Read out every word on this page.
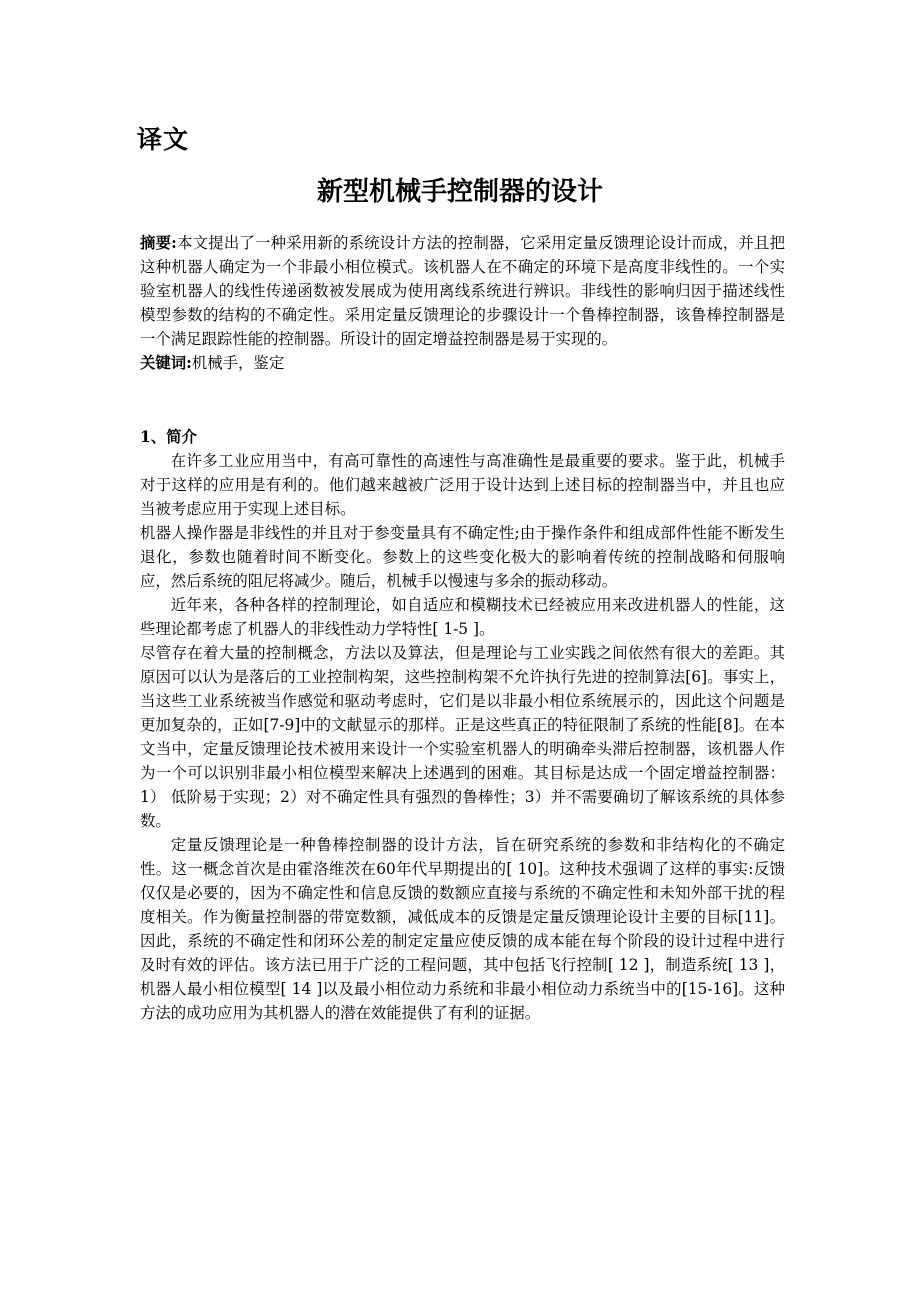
译文
新型机械手控制器的设计

摘要:本文提出了一种采用新的系统设计方法的控制器，它采用定量反馈理论设计而成，并且把这种机器人确定为一个非最小相位模式。该机器人在不确定的环境下是高度非线性的。一个实验室机器人的线性传递函数被发展成为使用离线系统进行辨识。非线性的影响归因于描述线性模型参数的结构的不确定性。采用定量反馈理论的步骤设计一个鲁棒控制器，该鲁棒控制器是一个满足跟踪性能的控制器。所设计的固定增益控制器是易于实现的。

关键词:机械手，鉴定

1、简介

在许多工业应用当中，有高可靠性的高速性与高准确性是最重要的要求。鉴于此，机械手对于这样的应用是有利的。他们越来越被广泛用于设计达到上述目标的控制器当中，并且也应当被考虑应用于实现上述目标。

机器人操作器是非线性的并且对于参变量具有不确定性;由于操作条件和组成部件性能不断发生退化，参数也随着时间不断变化。参数上的这些变化极大的影响着传统的控制战略和伺服响应，然后系统的阻尼将减少。随后，机械手以慢速与多余的振动移动。

近年来，各种各样的控制理论，如自适应和模糊技术已经被应用来改进机器人的性能，这些理论都考虑了机器人的非线性动力学特性[ 1-5 ]。

尽管存在着大量的控制概念，方法以及算法，但是理论与工业实践之间依然有很大的差距。其原因可以认为是落后的工业控制构架，这些控制构架不允许执行先进的控制算法[6]。事实上，当这些工业系统被当作感觉和驱动考虑时，它们是以非最小相位系统展示的，因此这个问题是更加复杂的，正如[7-9]中的文献显示的那样。正是这些真正的特征限制了系统的性能[8]。在本文当中，定量反馈理论技术被用来设计一个实验室机器人的明确牵头滞后控制器，该机器人作为一个可以识别非最小相位模型来解决上述遇到的困难。其目标是达成一个固定增益控制器：1） 低阶易于实现；2）对不确定性具有强烈的鲁棒性；3）并不需要确切了解该系统的具体参数。

定量反馈理论是一种鲁棒控制器的设计方法，旨在研究系统的参数和非结构化的不确定性。这一概念首次是由霍洛维茨在60年代早期提出的[ 10]。这种技术强调了这样的事实:反馈仅仅是必要的，因为不确定性和信息反馈的数额应直接与系统的不确定性和未知外部干扰的程度相关。作为衡量控制器的带宽数额，减低成本的反馈是定量反馈理论设计主要的目标[11]。因此，系统的不确定性和闭环公差的制定定量应使反馈的成本能在每个阶段的设计过程中进行及时有效的评估。该方法已用于广泛的工程问题，其中包括飞行控制[ 12 ]，制造系统[ 13 ]，机器人最小相位模型[ 14 ]以及最小相位动力系统和非最小相位动力系统当中的[15-16]。这种方法的成功应用为其机器人的潜在效能提供了有利的证据。
